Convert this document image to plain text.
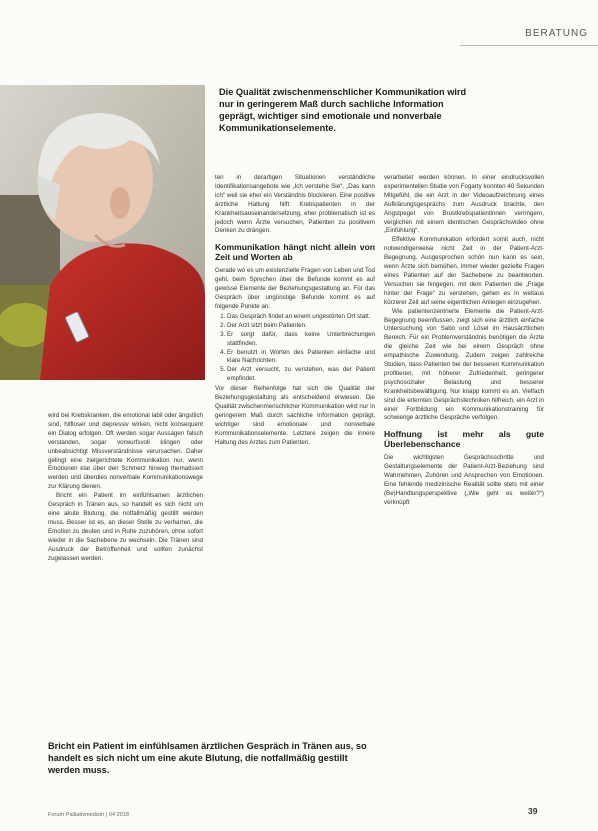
BERATUNG
Die Qualität zwischenmenschlicher Kommunikation wird nur in geringerem Maß durch sachliche Information geprägt, wichtiger sind emotionale und nonverbale Kommunikationselemente.

wird bei Krebskranken, die emotional labil oder ängstlich sind, hilfloser und depressiv wirken, nicht konsequent ein Dialog erfolgen. Oft werden sogar Aussagen falsch verstanden, sogar vorwurfsvoll klingen oder unbeabsichtigt Missverständnisse verursachen. Daher gelingt eine zielgerichtete Kommunikation nur, wenn Emotionen klar über den Schmerz hinweg thematisiert werden und überdies nonverbale Kommunikationswege zur Klärung dienen.

Bricht ein Patient im einfühlsamen ärztlichen Gespräch in Tränen aus, so handelt es sich nicht um eine akute Blutung, die notfallmäßig gestillt werden muss. Besser ist es, an dieser Stelle zu verharren, die Emotion zu deuten und in Ruhe zuzuhören, ohne sofort wieder in die Sachebene zu wechseln. Die Tränen sind Ausdruck der Betroffenheit und sollten zunächst zugelassen werden.

ten in derartigen Situationen verständliche Identifikationsangebote wie „Ich verstehe Sie“, „Das kann ich“ weil sie eher ein Verständnis blockieren. Eine positive ärztliche Haltung hilft Krebspatienten in der Krankheitsauseinandersetzung, eher problematisch ist es jedoch wenn Ärzte versuchen, Patienten zu positivem Denken zu drängen.

Kommunikation hängt nicht allein von Zeit und Worten ab

Gerade wo es um existenzielle Fragen von Leben und Tod geht, beim Sprechen über die Befunde kommt es auf gewisse Elemente der Beziehungsgestaltung an. Für das Gespräch über ungünstige Befunde kommt es auf folgende Punkte an:

1. Das Gespräch findet an einem ungestörten Ort statt.
2. Der Arzt sitzt beim Patienten.
3. Er sorgt dafür, dass keine Unterbrechungen stattfinden.
4. Er benutzt in Worten des Patienten einfache und klare Nachrichten.
5. Der Arzt versucht, zu verstehen, was der Patient empfindet.

Vor dieser Reihenfolge hat sich die Qualität der Beziehungsgestaltung als entscheidend erwiesen. Die Qualität zwischenmenschlicher Kommunikation wird nur in geringerem Maß durch sachliche Information geprägt, wichtiger sind emotionale und nonverbale Kommunikationselemente. Letztere zeigen die innere Haltung des Arztes zum Patienten.

verarbeitet werden können. In einer eindrucksvollen experimentellen Studie von Fogarty konnten 40 Sekunden Mitgefühl, die ein Arzt in der Videoaufzeichnung eines Aufklärungsgesprächs zum Ausdruck brachte, den Angstpegel von Brustkrebspatientinnen verringern, verglichen mit einem identischen Gesprächsvideo ohne „Einfühlung“.

Effektive Kommunikation erfordert somit auch, nicht notwendigerweise nicht Zeit in der Patient-Arzt-Begegnung. Ausgesprochen schön nun kann es sein, wenn Ärzte sich bemühen, immer wieder gezielte Fragen eines Patienten auf der Sachebene zu beantworten. Versuchen sie hingegen, mit dem Patienten die „Frage hinter der Frage“ zu verstehen, gehen es in weitaus kürzerer Zeit auf seine eigentlichen Anliegen einzugehen.

Wie patientenzentrierte Elemente die Patient-Arzt-Begegnung beeinflussen, zeigt sich eine ärztlich einfache Untersuchung von Sabo und Lösel im Hausärztlichen Bereich. Für ein Problemverständnis benötigen die Ärzte die gleiche Zeit wie bei einem Gespräch ohne empathische Zuwendung. Zudem zeigen zahlreiche Studien, dass Patienten bei der besseren Kommunikation profitieren, mit höherer Zufriedenheit, geringerer psychosozialer Belastung und besserer Krankheitsbewältigung. Nur knapp kommt es an. Vielfach sind die erlernten Gesprächstechniken hilfreich, ein Arzt in einer Fortbildung ein Kommunikationstraining für schwierige ärztliche Gespräche verfolgen.

Hoffnung ist mehr als gute Überlebenschance

Die wichtigsten Gesprächsschritte und Gestaltungselemente der Patient-Arzt-Beziehung sind Wahrnehmen, Zuhören und Ansprechen von Emotionen. Eine fehlende medizinische Realität sollte stets mit einer (Be)Handlungsperspektive („Wie geht es weiter?“) verknüpft

Bricht ein Patient im einfühlsamen ärztlichen Gespräch in Tränen aus, so handelt es sich nicht um eine akute Blutung, die notfallmäßig gestillt werden muss.
Forum Palliativmedizin | 04 2018	39
